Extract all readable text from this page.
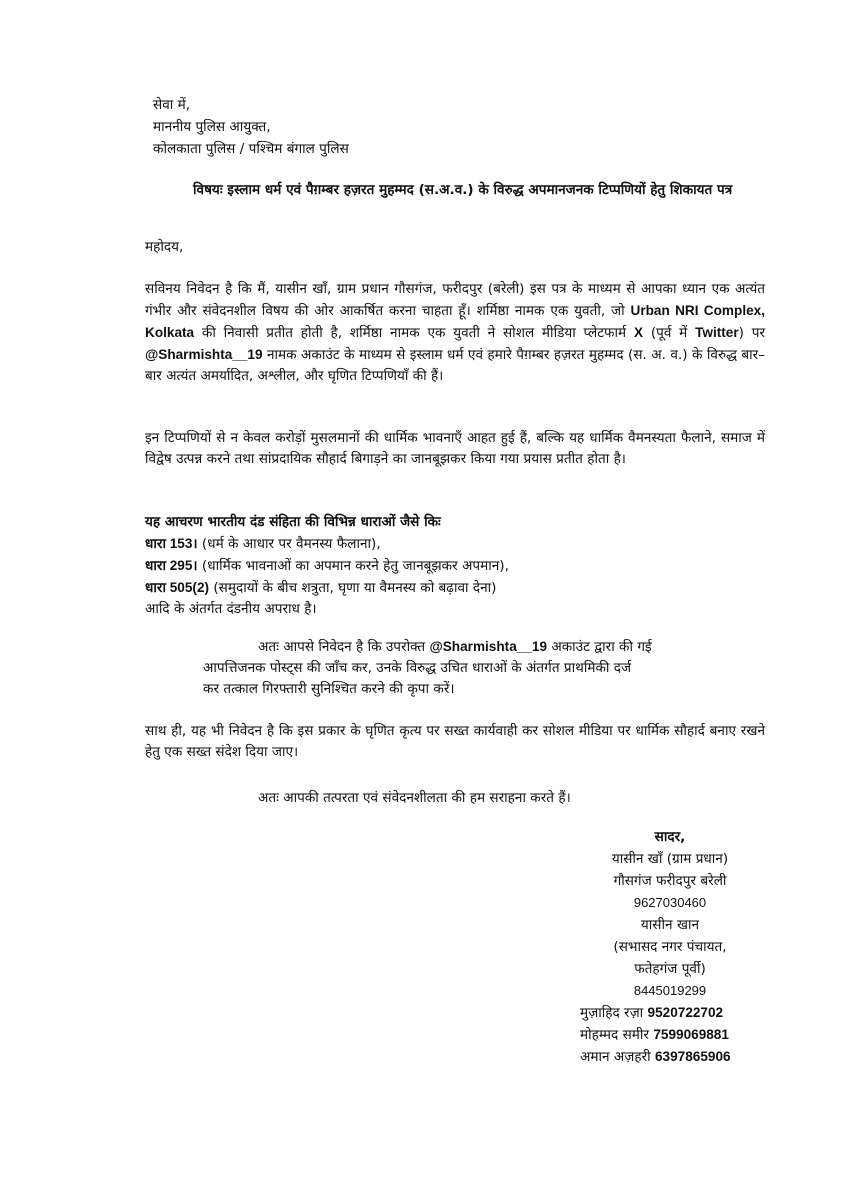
सेवा में,
माननीय पुलिस आयुक्त,
कोलकाता पुलिस / पश्चिम बंगाल पुलिस
विषयः इस्लाम धर्म एवं पैग़म्बर हज़रत मुहम्मद (स.अ.व.) के विरुद्ध अपमानजनक टिप्पणियों हेतु शिकायत पत्र
महोदय,
सविनय निवेदन है कि मैं, यासीन खाँ, ग्राम प्रधान गौसगंज, फरीदपुर (बरेली) इस पत्र के माध्यम से आपका ध्यान एक अत्यंत गंभीर और संवेदनशील विषय की ओर आकर्षित करना चाहता हूँ। शर्मिष्ठा नामक एक युवती, जो Urban NRI Complex, Kolkata की निवासी प्रतीत होती है, शर्मिष्ठा नामक एक युवती ने सोशल मीडिया प्लेटफार्म X (पूर्व में Twitter) पर @Sharmishta__19 नामक अकाउंट के माध्यम से इस्लाम धर्म एवं हमारे पैग़म्बर हज़रत मुहम्मद (स. अ. व.) के विरुद्ध बार–बार अत्यंत अमर्यादित, अश्लील, और घृणित टिप्पणियाँ की हैं।
इन टिप्पणियों से न केवल करोड़ों मुसलमानों की धार्मिक भावनाएँ आहत हुई हैं, बल्कि यह धार्मिक वैमनस्यता फैलाने, समाज में विद्वेष उत्पन्न करने तथा सांप्रदायिक सौहार्द बिगाड़ने का जानबूझकर किया गया प्रयास प्रतीत होता है।
यह आचरण भारतीय दंड संहिता की विभिन्न धाराओं जैसे किः
धारा 153। (धर्म के आधार पर वैमनस्य फैलाना),
धारा 295। (धार्मिक भावनाओं का अपमान करने हेतु जानबूझकर अपमान),
धारा 505(2) (समुदायों के बीच शत्रुता, घृणा या वैमनस्य को बढ़ावा देना)
आदि के अंतर्गत दंडनीय अपराध है।
अतः आपसे निवेदन है कि उपरोक्त @Sharmishta__19 अकाउंट द्वारा की गई
आपत्तिजनक पोस्ट्स की जाँच कर, उनके विरुद्ध उचित धाराओं के अंतर्गत प्राथमिकी दर्ज
कर तत्काल गिरफ्तारी सुनिश्चित करने की कृपा करें।
साथ ही, यह भी निवेदन है कि इस प्रकार के घृणित कृत्य पर सख्त कार्यवाही कर सोशल मीडिया पर धार्मिक सौहार्द बनाए रखने हेतु एक सख्त संदेश दिया जाए।
अतः आपकी तत्परता एवं संवेदनशीलता की हम सराहना करते हैं।
सादर,
यासीन खाँ (ग्राम प्रधान)
गौसगंज फरीदपुर बरेली
9627030460
यासीन खान
(सभासद नगर पंचायत,
फतेहगंज पूर्वी)
8445019299
मुज़ाहिद रज़ा 9520722702
मोहम्मद समीर 7599069881
अमान अज़हरी 6397865906
